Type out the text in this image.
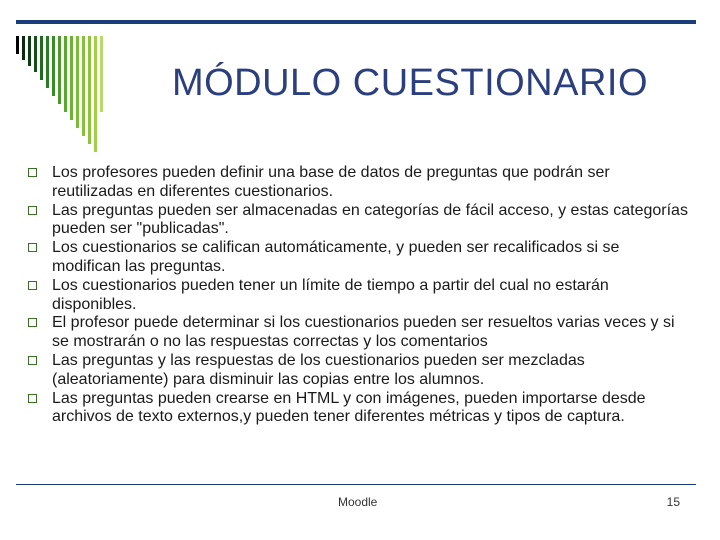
MÓDULO CUESTIONARIO
Los profesores pueden definir una base de datos de preguntas que podrán ser reutilizadas en diferentes cuestionarios.
Las preguntas pueden ser almacenadas en categorías de fácil acceso, y estas categorías pueden ser "publicadas".
Los cuestionarios se califican automáticamente, y pueden ser recalificados si se modifican las preguntas.
Los cuestionarios pueden tener un límite de tiempo a partir del cual no estarán disponibles.
El profesor puede determinar si los cuestionarios pueden ser resueltos varias veces y si se mostrarán o no las respuestas correctas y los comentarios
Las preguntas y las respuestas de los cuestionarios pueden ser mezcladas (aleatoriamente) para disminuir las copias entre los alumnos.
Las preguntas pueden crearse en HTML y con imágenes, pueden importarse desde archivos de texto externos,y pueden tener diferentes métricas y tipos de captura.
Moodle	15
